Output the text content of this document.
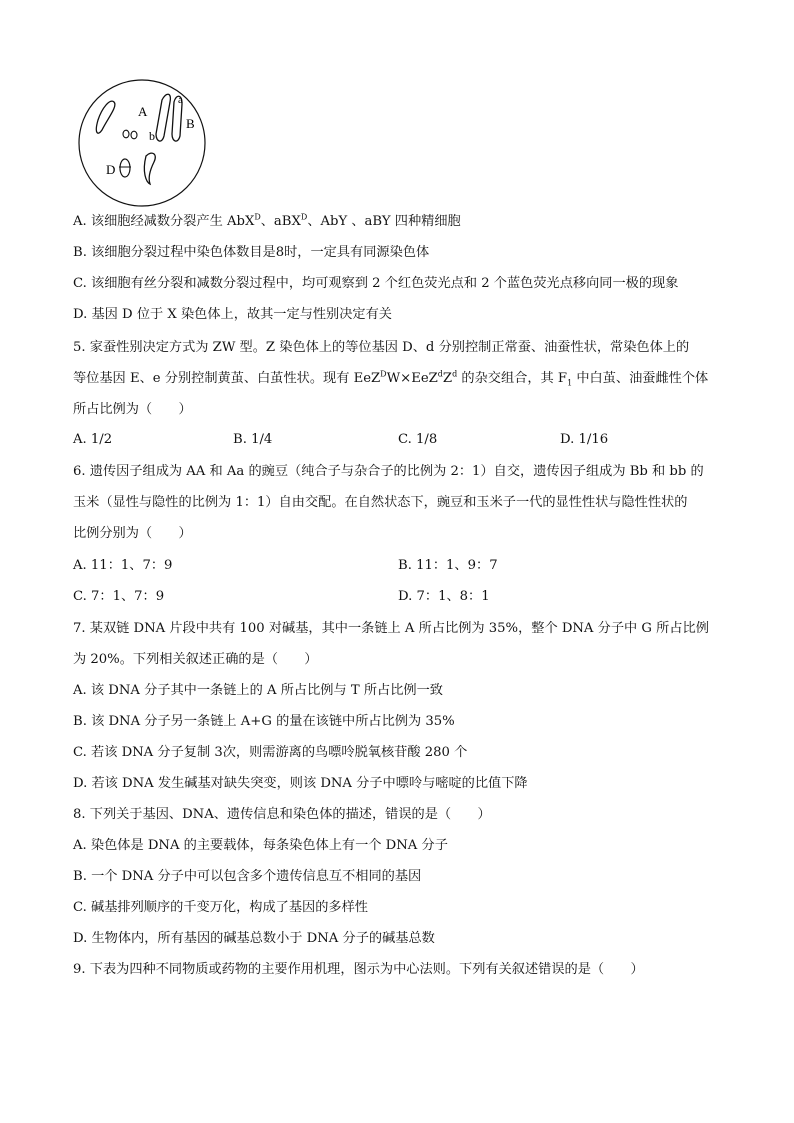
A
a
B
b
D
A. 该细胞经减数分裂产生 AbX$^D$、aBX$^D$、AbY 、aBY 四种精细胞
B. 该细胞分裂过程中染色体数目是8时，一定具有同源染色体
C. 该细胞有丝分裂和减数分裂过程中，均可观察到 2 个红色荧光点和 2 个蓝色荧光点移向同一极的现象
D. 基因 D 位于 X 染色体上，故其一定与性别决定有关
5. 家蚕性别决定方式为 ZW 型。Z 染色体上的等位基因 D、d 分别控制正常蚕、油蚕性状，常染色体上的
等位基因 E、e 分别控制黄茧、白茧性状。现有 $EeZ^DW\times EeZ^dZ^d$ 的杂交组合，其 $F_1$ 中白茧、油蚕雌性个体
所占比例为（　　）
A. 1/2	B. 1/4	C. 1/8	D. 1/16
6. 遗传因子组成为 AA 和 Aa 的豌豆（纯合子与杂合子的比例为 2：1）自交，遗传因子组成为 Bb 和 bb 的
玉米（显性与隐性的比例为 1：1）自由交配。在自然状态下，豌豆和玉米子一代的显性性状与隐性性状的
比例分别为（　　）
A. 11：1、7：9	B. 11：1、9：7
C. 7：1、7：9	D. 7：1、8：1
7. 某双链 DNA 片段中共有 100 对碱基，其中一条链上 A 所占比例为 35%，整个 DNA 分子中 G 所占比例
为 20%。下列相关叙述正确的是（　　）
A. 该 DNA 分子其中一条链上的 A 所占比例与 T 所占比例一致
B. 该 DNA 分子另一条链上 A+G 的量在该链中所占比例为 35%
C. 若该 DNA 分子复制 3次，则需游离的鸟嘌呤脱氧核苷酸 280 个
D. 若该 DNA 发生碱基对缺失突变，则该 DNA 分子中嘌呤与嘧啶的比值下降
8. 下列关于基因、DNA、遗传信息和染色体的描述，错误的是（　　）
A. 染色体是 DNA 的主要载体，每条染色体上有一个 DNA 分子
B. 一个 DNA 分子中可以包含多个遗传信息互不相同的基因
C. 碱基排列顺序的千变万化，构成了基因的多样性
D. 生物体内，所有基因的碱基总数小于 DNA 分子的碱基总数
9. 下表为四种不同物质或药物的主要作用机理，图示为中心法则。下列有关叙述错误的是（　　）
